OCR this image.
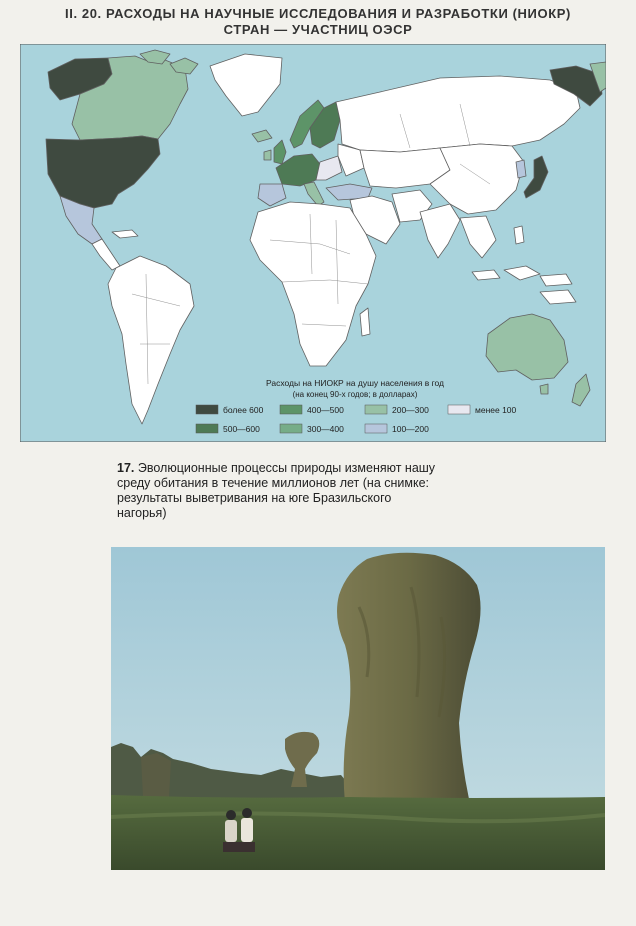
II. 20. РАСХОДЫ НА НАУЧНЫЕ ИССЛЕДОВАНИЯ И РАЗРАБОТКИ (НИОКР)
СТРАН — УЧАСТНИЦ ОЭСР
Расходы на НИОКР на душу населения в год
(на конец 90-х годов; в долларах)
более 600
500—600
400—500
300—400
200—300
100—200
менее 100
17. Эволюционные процессы природы изменяют нашу среду обитания в течение миллионов лет (на снимке: результаты выветривания на юге Бразильского нагорья)
